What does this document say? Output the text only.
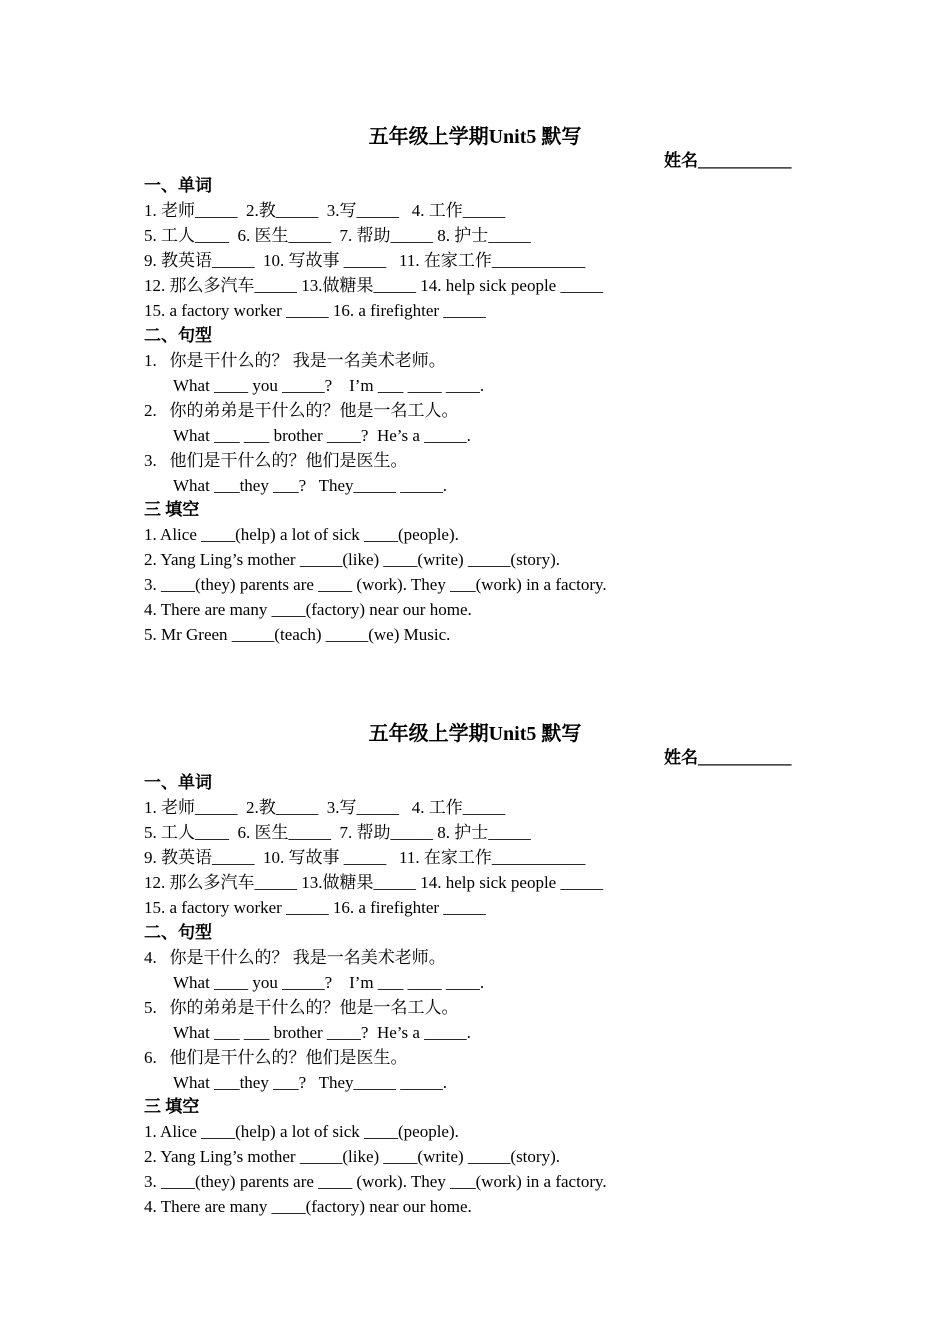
五年级上学期Unit5 默写
姓名___________
一、单词
1. 老师_____  2.教_____  3.写_____   4. 工作_____
5. 工人____  6. 医生_____  7. 帮助_____ 8. 护士_____
9. 教英语_____  10. 写故事 _____   11. 在家工作___________
12. 那么多汽车_____ 13.做糖果_____ 14. help sick people _____
15. a factory worker _____ 16. a firefighter _____
二、句型
1.   你是干什么的？ 我是一名美术老师。
What ____ you _____?    I’m ___ ____ ____.
2.   你的弟弟是干什么的？他是一名工人。
What ___ ___ brother ____?  He’s a _____.
3.   他们是干什么的？他们是医生。
What ___they ___?   They_____ _____.
三 填空
1. Alice ____(help) a lot of sick ____(people).
2. Yang Ling’s mother _____(like) ____(write) _____(story).
3. ____(they) parents are ____ (work). They ___(work) in a factory.
4. There are many ____(factory) near our home.
5. Mr Green _____(teach) _____(we) Music.
五年级上学期Unit5 默写
姓名___________
一、单词
1. 老师_____  2.教_____  3.写_____   4. 工作_____
5. 工人____  6. 医生_____  7. 帮助_____ 8. 护士_____
9. 教英语_____  10. 写故事 _____   11. 在家工作___________
12. 那么多汽车_____ 13.做糖果_____ 14. help sick people _____
15. a factory worker _____ 16. a firefighter _____
二、句型
4.   你是干什么的？ 我是一名美术老师。
What ____ you _____?    I’m ___ ____ ____.
5.   你的弟弟是干什么的？他是一名工人。
What ___ ___ brother ____?  He’s a _____.
6.   他们是干什么的？他们是医生。
What ___they ___?   They_____ _____.
三 填空
1. Alice ____(help) a lot of sick ____(people).
2. Yang Ling’s mother _____(like) ____(write) _____(story).
3. ____(they) parents are ____ (work). They ___(work) in a factory.
4. There are many ____(factory) near our home.
